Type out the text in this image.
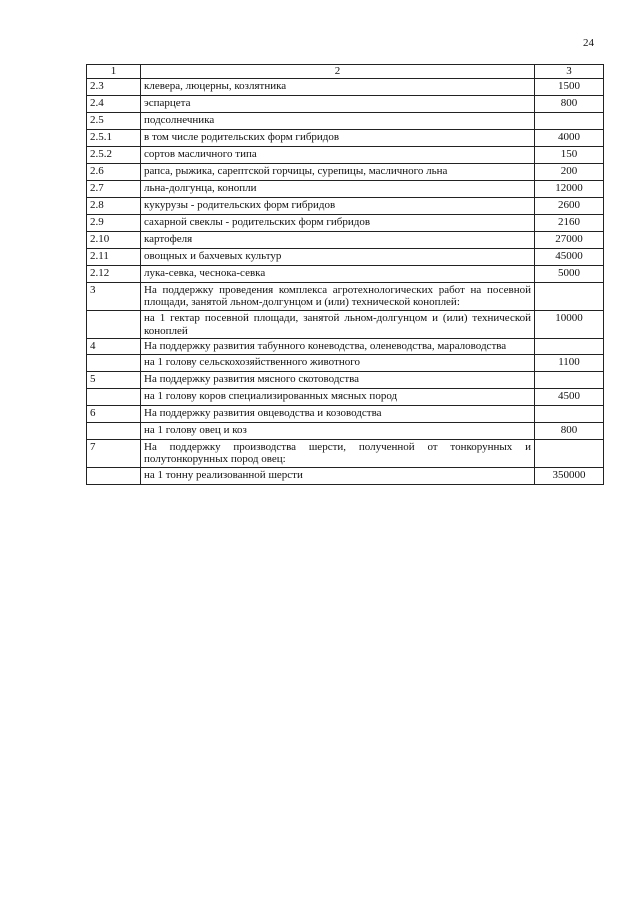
24
1	2	3
2.3	клевера, люцерны, козлятника	1500
2.4	эспарцета	800
2.5	подсолнечника	
2.5.1	в том числе родительских форм гибридов	4000
2.5.2	сортов масличного типа	150
2.6	рапса, рыжика, сарептской горчицы, сурепицы, масличного льна	200
2.7	льна-долгунца, конопли	12000
2.8	кукурузы - родительских форм гибридов	2600
2.9	сахарной свеклы - родительских форм гибридов	2160
2.10	картофеля	27000
2.11	овощных и бахчевых культур	45000
2.12	лука-севка, чеснока-севка	5000
3	На поддержку проведения комплекса агротехнологических работ на посевной площади, занятой льном-долгунцом и (или) технической коноплей:	
	на 1 гектар посевной площади, занятой льном-долгунцом и (или) технической коноплей	10000
4	На поддержку развития табунного коневодства, оленеводства, мараловодства	
	на 1 голову сельскохозяйственного животного	1100
5	На поддержку развития мясного скотоводства	
	на 1 голову коров специализированных мясных пород	4500
6	На поддержку развития овцеводства и козоводства	
	на 1 голову овец и коз	800
7	На поддержку производства шерсти, полученной от тонкорунных и полутонкорунных пород овец:	
	на 1 тонну реализованной шерсти	350000
